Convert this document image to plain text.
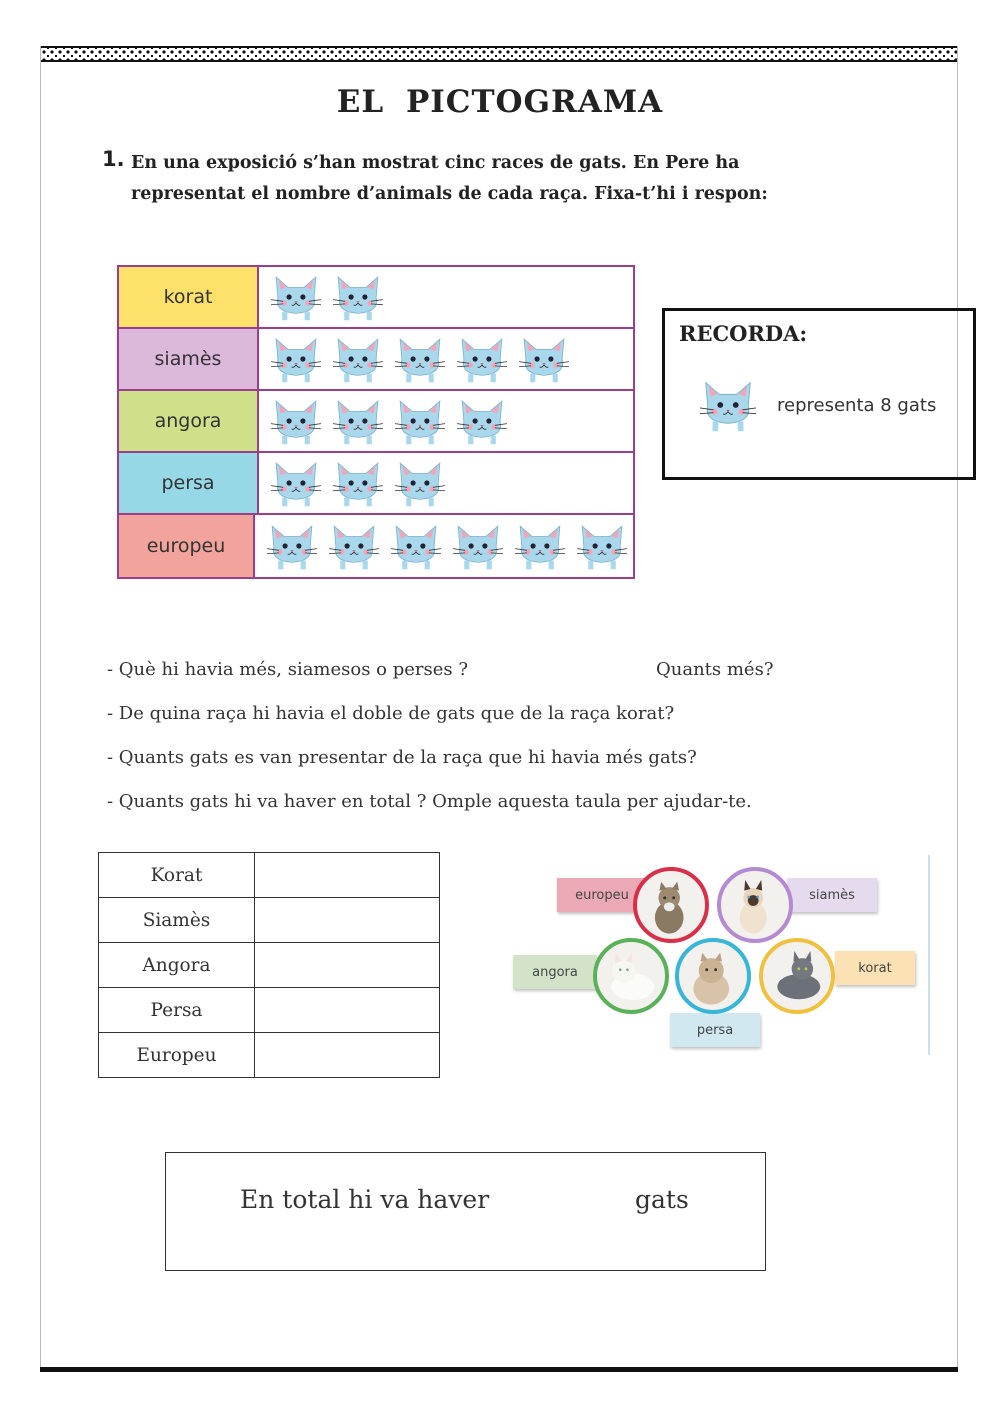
EL PICTOGRAMA
1. En una exposició s’han mostrat cinc races de gats. En Pere ha representat el nombre d’animals de cada raça. Fixa-t’hi i respon:
korat
siamès
angora
persa
europeu
RECORDA:
representa 8 gats
- Què hi havia més, siamesos o perses ?	Quants més?
- De quina raça hi havia el doble de gats que de la raça korat?
- Quants gats es van presentar de la raça que hi havia més gats?
- Quants gats hi va haver en total ? Omple aquesta taula per ajudar-te.
Korat	
Siamès	
Angora	
Persa	
Europeu	
europeu	siamès
angora	korat
persa
En total hi va haver	gats
